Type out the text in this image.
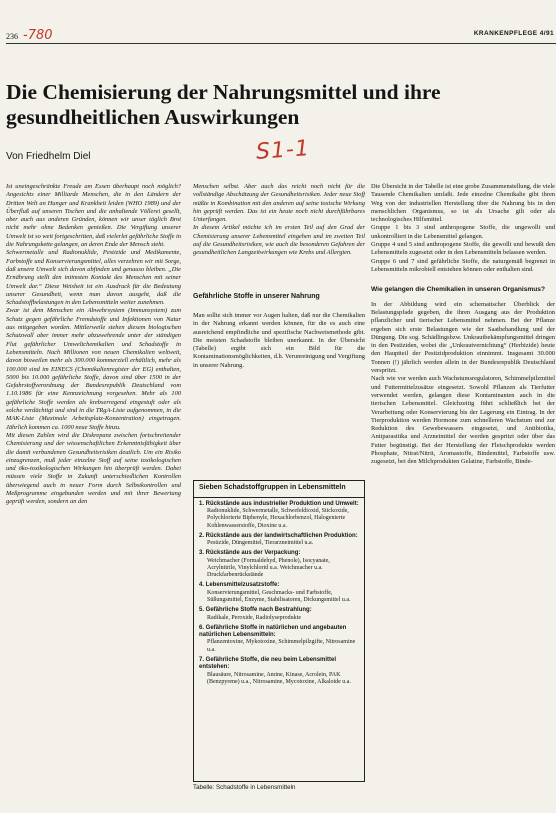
236 -780	KRANKENPFLEGE 4/91
Die Chemisierung der Nahrungsmittel und ihre gesundheitlichen Auswirkungen
Von Friedhelm Diel	S1-1

Ist uneingeschränkte Freude am Essen überhaupt noch möglich? Angesichts einer Milliarde Menschen, die in den Ländern der Dritten Welt an Hunger und Krankheit leiden (WHO 1989) und der Überfluß auf unseren Tischen und die anhaltende Völlerei gesellt, aber auch aus anderen Gründen, können wir unser täglich Brot nicht mehr ohne Bedenken genießen. Die Vergiftung unserer Umwelt ist so weit fortgeschritten, daß vielerlei gefährliche Stoffe in die Nahrungskette gelangen, an deren Ende der Mensch steht.

Schwermetalle und Radionuklide, Pestizide und Medikamente, Farbstoffe und Konservierungsmittel, alles verzehren wir mit Sorge, daß unsere Umwelt sich davon abfinden und genauso bleiben. „Die Ernährung stellt den intimsten Kontakt des Menschen mit seiner Umwelt dar.“ Diese Weisheit ist ein Ausdruck für die Bedeutung unserer Gesundheit, wenn man davon ausgeht, daß die Schadstoffbelastungen in den Lebensmitteln weiter zunehmen.

Zwar ist dem Menschen ein Abwehrsystem (Immunsystem) zum Schutz gegen gefährliche Fremdstoffe und Infektionen von Natur aus mitgegeben worden. Mittlerweile stehen diesem biologischen Schutzwall aber immer mehr abzuwehrende unter der ständigen Flut gefährlicher Umweltchemikalien und Schadstoffe in Lebensmitteln. Nach Millionen von neuen Chemikalien weltweit, davon bisweilen mehr als 300.000 kommerziell erhältlich, mehr als 100.000 sind im EINECS (Chemikalienregister der EG) enthalten, 5000 bis 10.000 gefährliche Stoffe, davon sind über 1500 in der Gefahrstoffverordnung der Bundesrepublik Deutschland vom 1.10.1986 für eine Kennzeichnung vorgesehen. Mehr als 100 gefährliche Stoffe werden als krebserregend eingestuft oder als solche verdächtigt und sind in die TRgA-Liste aufgenommen, in die MAK-Liste (Maximale Arbeitsplatz-Konzentration) eingetragen. Jährlich kommen ca. 1000 neue Stoffe hinzu.

Mit diesen Zahlen wird die Diskrepanz zwischen fortschreitender Chemisierung und der wissenschaftlichen Erkenntnisfähigkeit über die damit verbundenen Gesundheitsrisiken deutlich. Um ein Risiko einzugrenzen, muß jeder einzelne Stoff auf seine toxikologischen und öko-toxikologischen Wirkungen hin überprüft werden. Dabei müssen viele Stoffe in Zukunft unterschiedlichen Kontrollen überwiegend auch in neuer Form durch Selbstkontrollen und Meßprogramme eingebunden werden und mit ihrer Bewertung geprüft werden, sondern an den

Menschen selbst. Aber auch das reicht noch nicht für die vollständige Abschätzung der Gesundheitsrisiken. Jeder neue Stoff müßte in Kombination mit den anderen auf seine toxische Wirkung hin geprüft werden. Das ist ein heute noch nicht durchführbares Unterfangen.

In diesem Artikel möchte ich im ersten Teil auf den Grad der Chemisierung unserer Lebensmittel eingehen und im zweiten Teil auf die Gesundheitsrisiken, wie auch die besonderen Gefahren der gesundheitlichen Langzeitwirkungen wie Krebs und Allergien.

Gefährliche Stoffe in unserer Nahrung

Man sollte sich immer vor Augen halten, daß nur die Chemikalien in der Nahrung erkannt werden können, für die es auch eine ausreichend empfindliche und spezifische Nachweismethode gibt. Die meisten Schadstoffe bleiben unerkannt. In der Übersicht (Tabelle) ergibt sich ein Bild für die Kontaminationsmöglichkeiten, d.h. Verunreinigung und Vergiftung in unserer Nahrung.

Sieben Schadstoffgruppen in Lebensmitteln
1. Rückstände aus industrieller Produktion und Umwelt:
Radionuklide, Schwermetalle, Schwefeldioxid, Stickoxide, Polychlorierte Biphenyle, Hexachlorbenzol, Halogenierte Kohlenwasserstoffe, Dioxine u.a.
2. Rückstände aus der landwirtschaftlichen Produktion:
Pestizide, Düngemittel, Tierarzneimittel u.a.
3. Rückstände aus der Verpackung:
Weichmacher (Formaldehyd, Phenole), Isocyanate, Acrylnitrile, Vinylchlorid u.a. Weichmacher u.a. Druckfarbenrückstände
4. Lebensmittelzusatzstoffe:
Konservierungsmittel, Geschmacks- und Farbstoffe, Süßungsmittel, Enzyme, Stabilisatoren, Dickungsmittel u.a.
5. Gefährliche Stoffe nach Bestrahlung:
Radikale, Peroxide, Radiolyseprodukte
6. Gefährliche Stoffe in natürlichen und angebauten natürlichen Lebensmitteln:
Pflanzentoxine, Mykotoxine, Schimmelpilzgifte, Nitrosamine u.a.
7. Gefährliche Stoffe, die neu beim Lebensmittel entstehen:
Blausäure, Nitrosamine, Amine, Kinase, Acrolein, PAK (Benzpyrene) u.a., Nitrosamine, Mycotoxine, Alkaloide u.a.
Tabelle: Schadstoffe in Lebensmitteln

Die Übersicht in der Tabelle ist eine grobe Zusammenstellung, die viele Tausende Chemikalien umfaßt. Jede einzelne Chemikalie gibt ihren Weg von der industriellen Herstellung über die Nahrung bis in den menschlichen Organismus, so ist als Ursache gilt oder als technologisches Hilfsmittel.

Gruppe 1 bis 3 sind anthropogene Stoffe, die ungewollt und unkontrolliert in die Lebensmittel gelangen.

Gruppe 4 und 5 sind anthropogene Stoffe, die gewollt und bewußt den Lebensmitteln zugesetzt oder in den Lebensmitteln belassen werden.

Gruppe 6 und 7 sind gefährliche Stoffe, die naturgemäß begrenzt in Lebensmitteln mikrobiell entstehen können oder enthalten sind.

Wie gelangen die Chemikalien in unseren Organismus?

In der Abbildung wird ein schematischer Überblick der Belastungspfade gegeben, die ihren Ausgang aus der Produktion pflanzlicher und tierischer Lebensmittel nehmen. Bei der Pflanze ergeben sich erste Belastungen wie der Saatbehandlung und der Düngung. Die sog. Schädlingsbzw. Unkrautbekämpfungsmittel dringen in den Pestiziden, wobei die „Unkrautvernichtung“ (Herbizide) heute den Hauptteil der Pestizidproduktion einnimmt. Insgesamt 30.000 Tonnen (!) jährlich werden allein in der Bundesrepublik Deutschland verspritzt.

Nach wie vor werden auch Wachstumsregulatoren, Schimmelpilzmittel und Futtermittelzusätze eingesetzt. Sowohl Pflanzen als Tierfutter verwendet werden, gelangen diese Kontaminanten auch in die tierischen Lebensmittel. Gleichzeitig führt schließlich bei der Verarbeitung oder Konservierung bis der Lagerung ein Eintrag. In der Tierproduktion werden Hormone zum schnelleren Wachstum und zur Reduktion des Gewebewassers eingesetzt, und Antibiotika, Antiparasitika und Arzneimittel der werden gespritzt oder über das Futter begünstigt. Bei der Herstellung der Fleischprodukte werden Phosphate, Nitrat/Nitrit, Aromastoffe, Bindemittel, Farbstoffe usw. zugesetzt, bei den Milchprodukten Gelatine, Farbstoffe, Binde-
